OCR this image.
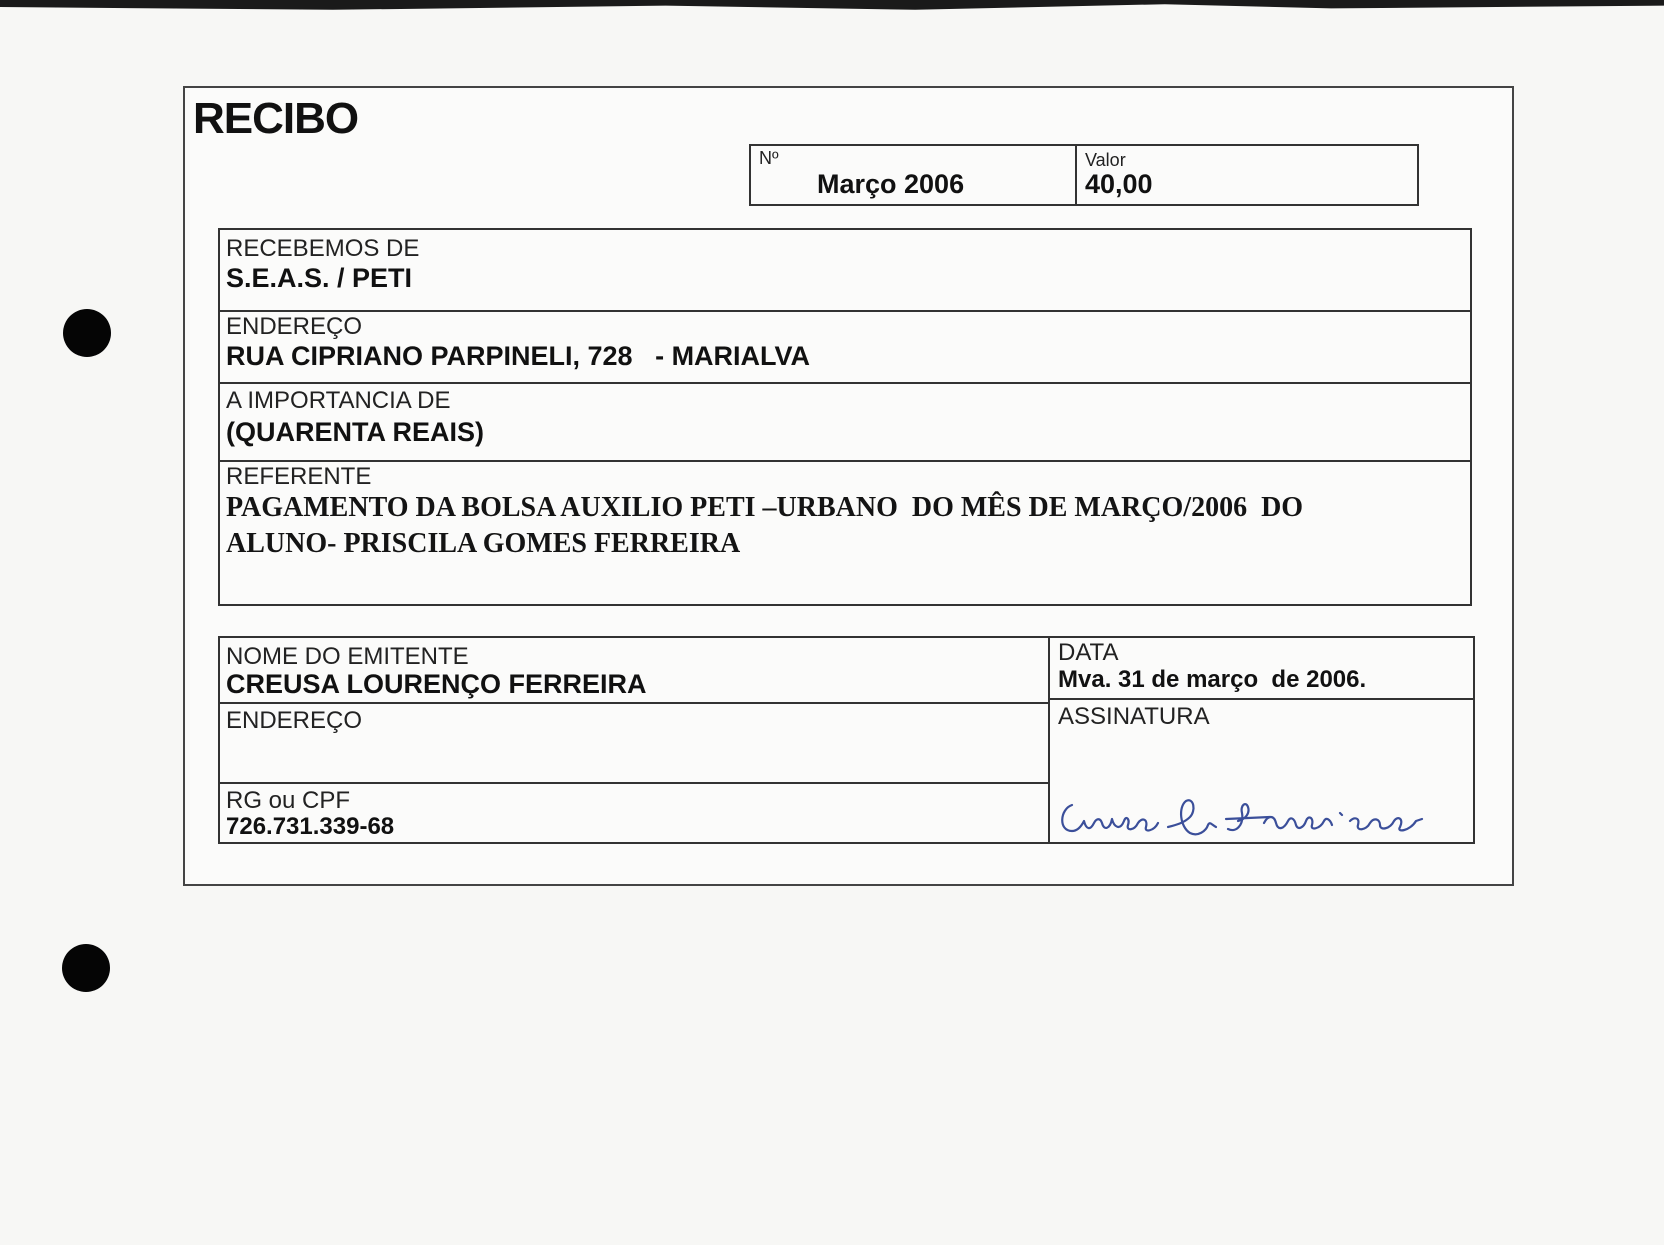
RECIBO
Nº
Março 2006
Valor
40,00
RECEBEMOS DE
S.E.A.S. / PETI
ENDEREÇO
RUA CIPRIANO PARPINELI, 728   - MARIALVA
A IMPORTANCIA DE
(QUARENTA REAIS)
REFERENTE
PAGAMENTO DA BOLSA AUXILIO PETI –URBANO  DO MÊS DE MARÇO/2006  DO
ALUNO- PRISCILA GOMES FERREIRA
NOME DO EMITENTE
CREUSA LOURENÇO FERREIRA
ENDEREÇO
RG ou CPF
726.731.339-68
DATA
Mva. 31 de março  de 2006.
ASSINATURA
